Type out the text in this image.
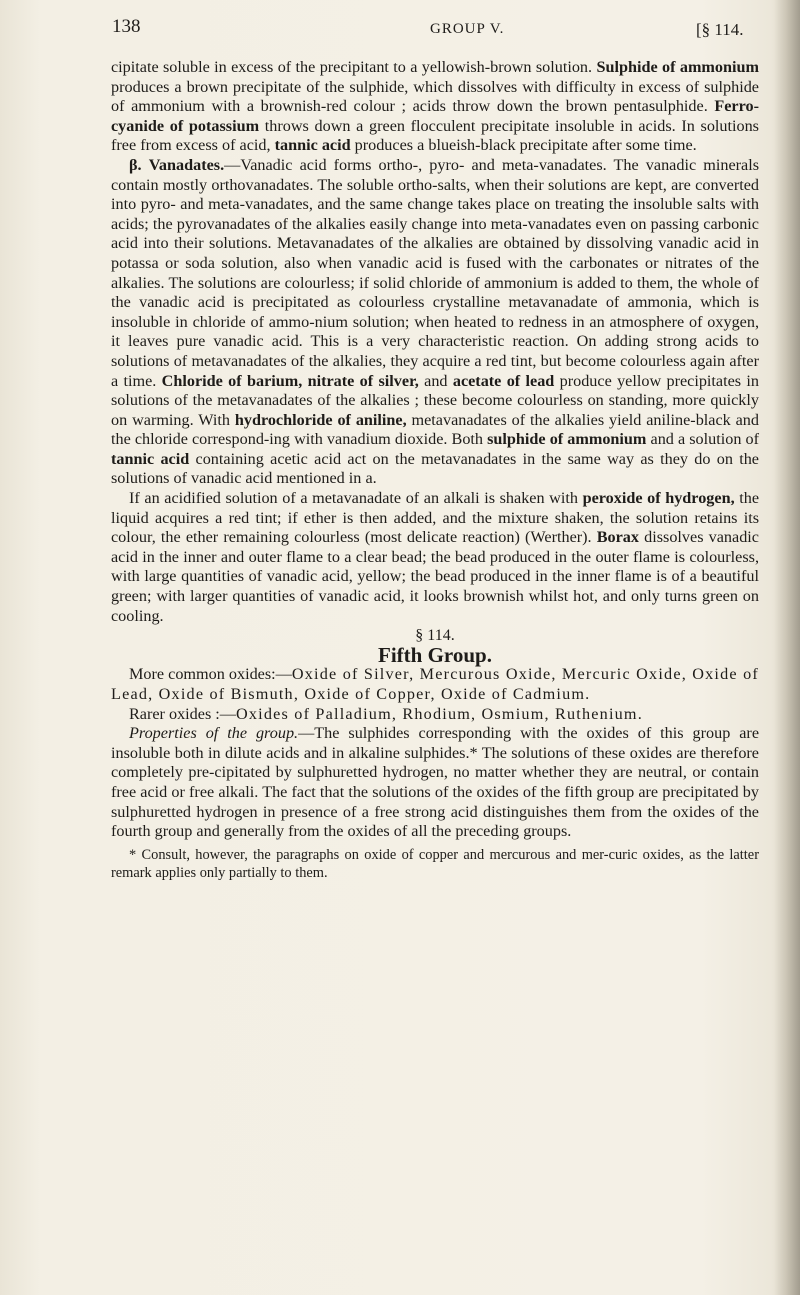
138	GROUP V.	[§ 114.

cipitate soluble in excess of the precipitant to a yellowish-brown solution. Sulphide of ammonium produces a brown precipitate of the sulphide, which dissolves with difficulty in excess of sulphide of ammonium with a brownish-red colour ; acids throw down the brown pentasulphide. Ferro-cyanide of potassium throws down a green flocculent precipitate insoluble in acids. In solutions free from excess of acid, tannic acid produces a blueish-black precipitate after some time.

β. Vanadates.—Vanadic acid forms ortho-, pyro- and meta-vanadates. The vanadic minerals contain mostly orthovanadates. The soluble ortho-salts, when their solutions are kept, are converted into pyro- and meta-vanadates, and the same change takes place on treating the insoluble salts with acids; the pyrovanadates of the alkalies easily change into meta-vanadates even on passing carbonic acid into their solutions. Metavanadates of the alkalies are obtained by dissolving vanadic acid in potassa or soda solution, also when vanadic acid is fused with the carbonates or nitrates of the alkalies. The solutions are colourless; if solid chloride of ammonium is added to them, the whole of the vanadic acid is precipitated as colourless crystalline metavanadate of ammonia, which is insoluble in chloride of ammo-nium solution; when heated to redness in an atmosphere of oxygen, it leaves pure vanadic acid. This is a very characteristic reaction. On adding strong acids to solutions of metavanadates of the alkalies, they acquire a red tint, but become colourless again after a time. Chloride of barium, nitrate of silver, and acetate of lead produce yellow precipitates in solutions of the metavanadates of the alkalies ; these become colourless on standing, more quickly on warming. With hydrochloride of aniline, metavanadates of the alkalies yield aniline-black and the chloride correspond-ing with vanadium dioxide. Both sulphide of ammonium and a solution of tannic acid containing acetic acid act on the metavanadates in the same way as they do on the solutions of vanadic acid mentioned in a.

If an acidified solution of a metavanadate of an alkali is shaken with peroxide of hydrogen, the liquid acquires a red tint; if ether is then added, and the mixture shaken, the solution retains its colour, the ether remaining colourless (most delicate reaction) (Werther). Borax dissolves vanadic acid in the inner and outer flame to a clear bead; the bead produced in the outer flame is colourless, with large quantities of vanadic acid, yellow; the bead produced in the inner flame is of a beautiful green; with larger quantities of vanadic acid, it looks brownish whilst hot, and only turns green on cooling.

§ 114.

Fifth Group.

More common oxides:—Oxide of Silver, Mercurous Oxide, Mercuric Oxide, Oxide of Lead, Oxide of Bismuth, Oxide of Copper, Oxide of Cadmium.

Rarer oxides :—Oxides of Palladium, Rhodium, Osmium, Ruthenium.

Properties of the group.—The sulphides corresponding with the oxides of this group are insoluble both in dilute acids and in alkaline sulphides.* The solutions of these oxides are therefore completely pre-cipitated by sulphuretted hydrogen, no matter whether they are neutral, or contain free acid or free alkali. The fact that the solutions of the oxides of the fifth group are precipitated by sulphuretted hydrogen in presence of a free strong acid distinguishes them from the oxides of the fourth group and generally from the oxides of all the preceding groups.

* Consult, however, the paragraphs on oxide of copper and mercurous and mer-curic oxides, as the latter remark applies only partially to them.
